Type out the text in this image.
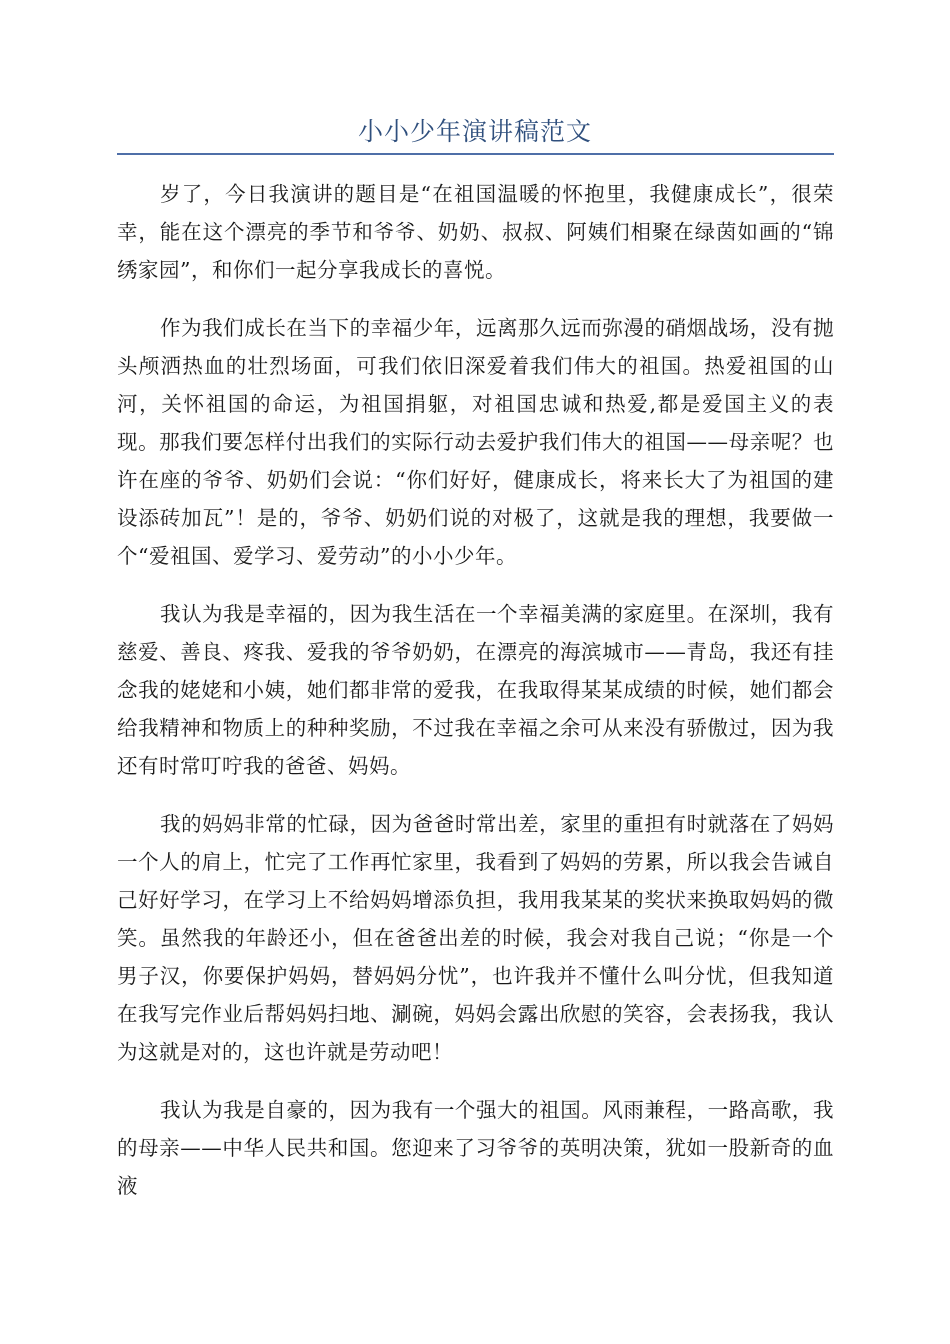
小小少年演讲稿范文

岁了，今日我演讲的题目是“在祖国温暖的怀抱里，我健康成长”，很荣幸，能在这个漂亮的季节和爷爷、奶奶、叔叔、阿姨们相聚在绿茵如画的“锦绣家园”，和你们一起分享我成长的喜悦。

作为我们成长在当下的幸福少年，远离那久远而弥漫的硝烟战场，没有抛头颅洒热血的壮烈场面，可我们依旧深爱着我们伟大的祖国。热爱祖国的山河，关怀祖国的命运，为祖国捐躯，对祖国忠诚和热爱,都是爱国主义的表现。那我们要怎样付出我们的实际行动去爱护我们伟大的祖国——母亲呢？也许在座的爷爷、奶奶们会说：“你们好好，健康成长，将来长大了为祖国的建设添砖加瓦”！是的，爷爷、奶奶们说的对极了，这就是我的理想，我要做一个“爱祖国、爱学习、爱劳动”的小小少年。

我认为我是幸福的，因为我生活在一个幸福美满的家庭里。在深圳，我有慈爱、善良、疼我、爱我的爷爷奶奶，在漂亮的海滨城市——青岛，我还有挂念我的姥姥和小姨，她们都非常的爱我，在我取得某某成绩的时候，她们都会给我精神和物质上的种种奖励，不过我在幸福之余可从来没有骄傲过，因为我还有时常叮咛我的爸爸、妈妈。

我的妈妈非常的忙碌，因为爸爸时常出差，家里的重担有时就落在了妈妈一个人的肩上，忙完了工作再忙家里，我看到了妈妈的劳累，所以我会告诫自己好好学习，在学习上不给妈妈增添负担，我用我某某的奖状来换取妈妈的微笑。虽然我的年龄还小，但在爸爸出差的时候，我会对我自己说；“你是一个男子汉，你要保护妈妈，替妈妈分忧”，也许我并不懂什么叫分忧，但我知道在我写完作业后帮妈妈扫地、涮碗，妈妈会露出欣慰的笑容，会表扬我，我认为这就是对的，这也许就是劳动吧！

我认为我是自豪的，因为我有一个强大的祖国。风雨兼程，一路高歌，我的母亲——中华人民共和国。您迎来了习爷爷的英明决策，犹如一股新奇的血液
